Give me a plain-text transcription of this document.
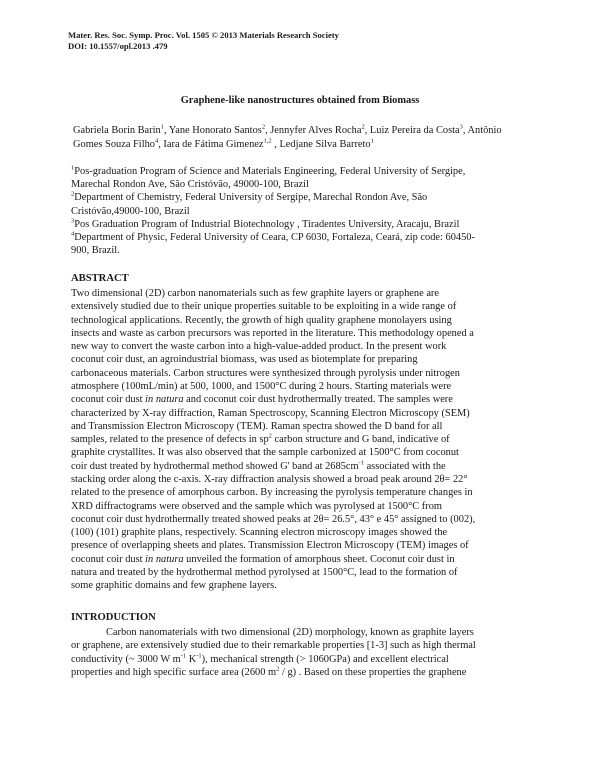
Mater. Res. Soc. Symp. Proc. Vol. 1505 © 2013 Materials Research Society
DOI: 10.1557/opl.2013 .479
Graphene-like nanostructures obtained from Biomass
Gabriela Borin Barin$^1$, Yane Honorato Santos$^2$, Jennyfer Alves Rocha$^2$, Luiz Pereira da Costa$^3$, Antônio Gomes Souza Filho$^4$, Iara de Fátima Gimenez$^{1,2}$ , Ledjane Silva Barreto$^1$

$^1$Pos-graduation Program of Science and Materials Engineering, Federal University of Sergipe,
Marechal Rondon Ave, São Cristóvão, 49000-100, Brazil

$^2$Department of Chemistry, Federal University of Sergipe, Marechal Rondon Ave, São
Cristóvão,49000-100, Brazil

$^3$Pos Graduation Program of Industrial Biotechnology , Tiradentes University, Aracaju, Brazil

$^4$Department of Physic, Federal University of Ceara, CP 6030, Fortaleza, Ceará, zip code: 60450-
900, Brazil.

ABSTRACT
Two dimensional (2D) carbon nanomaterials such as few graphite layers or graphene are
extensively studied due to their unique properties suitable to be exploiting in a wide range of
technological applications. Recently, the growth of high quality graphene monolayers using
insects and waste as carbon precursors was reported in the literature. This methodology opened a
new way to convert the waste carbon into a high-value-added product. In the present work
coconut coir dust, an agroindustrial biomass, was used as biotemplate for preparing
carbonaceous materials. Carbon structures were synthesized through pyrolysis under nitrogen
atmosphere (100mL/min) at 500, 1000, and 1500°C during 2 hours. Starting materials were
coconut coir dust in natura and coconut coir dust hydrothermally treated. The samples were
characterized by X-ray diffraction, Raman Spectroscopy, Scanning Electron Microscopy (SEM)
and Transmission Electron Microscopy (TEM). Raman spectra showed the D band for all
samples, related to the presence of defects in $sp^2$ carbon structure and G band, indicative of
graphite crystallites. It was also observed that the sample carbonized at 1500°C from coconut
coir dust treated by hydrothermal method showed G' band at $2685cm^{-1}$ associated with the
stacking order along the c-axis. X-ray diffraction analysis showed a broad peak around 2θ= 22°
related to the presence of amorphous carbon. By increasing the pyrolysis temperature changes in
XRD diffractograms were observed and the sample which was pyrolysed at 1500°C from
coconut coir dust hydrothermally treated showed peaks at 2θ= 26.5°, 43° e 45° assigned to (002),
(100) (101) graphite plans, respectively. Scanning electron microscopy images showed the
presence of overlapping sheets and plates. Transmission Electron Microscopy (TEM) images of
coconut coir dust in natura unveiled the formation of amorphous sheet. Coconut coir dust in
natura and treated by the hydrothermal method pyrolysed at 1500°C, lead to the formation of
some graphitic domains and few graphene layers.
INTRODUCTION
Carbon nanomaterials with two dimensional (2D) morphology, known as graphite layers
or graphene, are extensively studied due to their remarkable properties [1-3] such as high thermal
conductivity (~ 3000 W $m^{-1}$ $K^{-1}$), mechanical strength (> 1060GPa) and excellent electrical
properties and high specific surface area (2600 $m^2 / g$) . Based on these properties the graphene
